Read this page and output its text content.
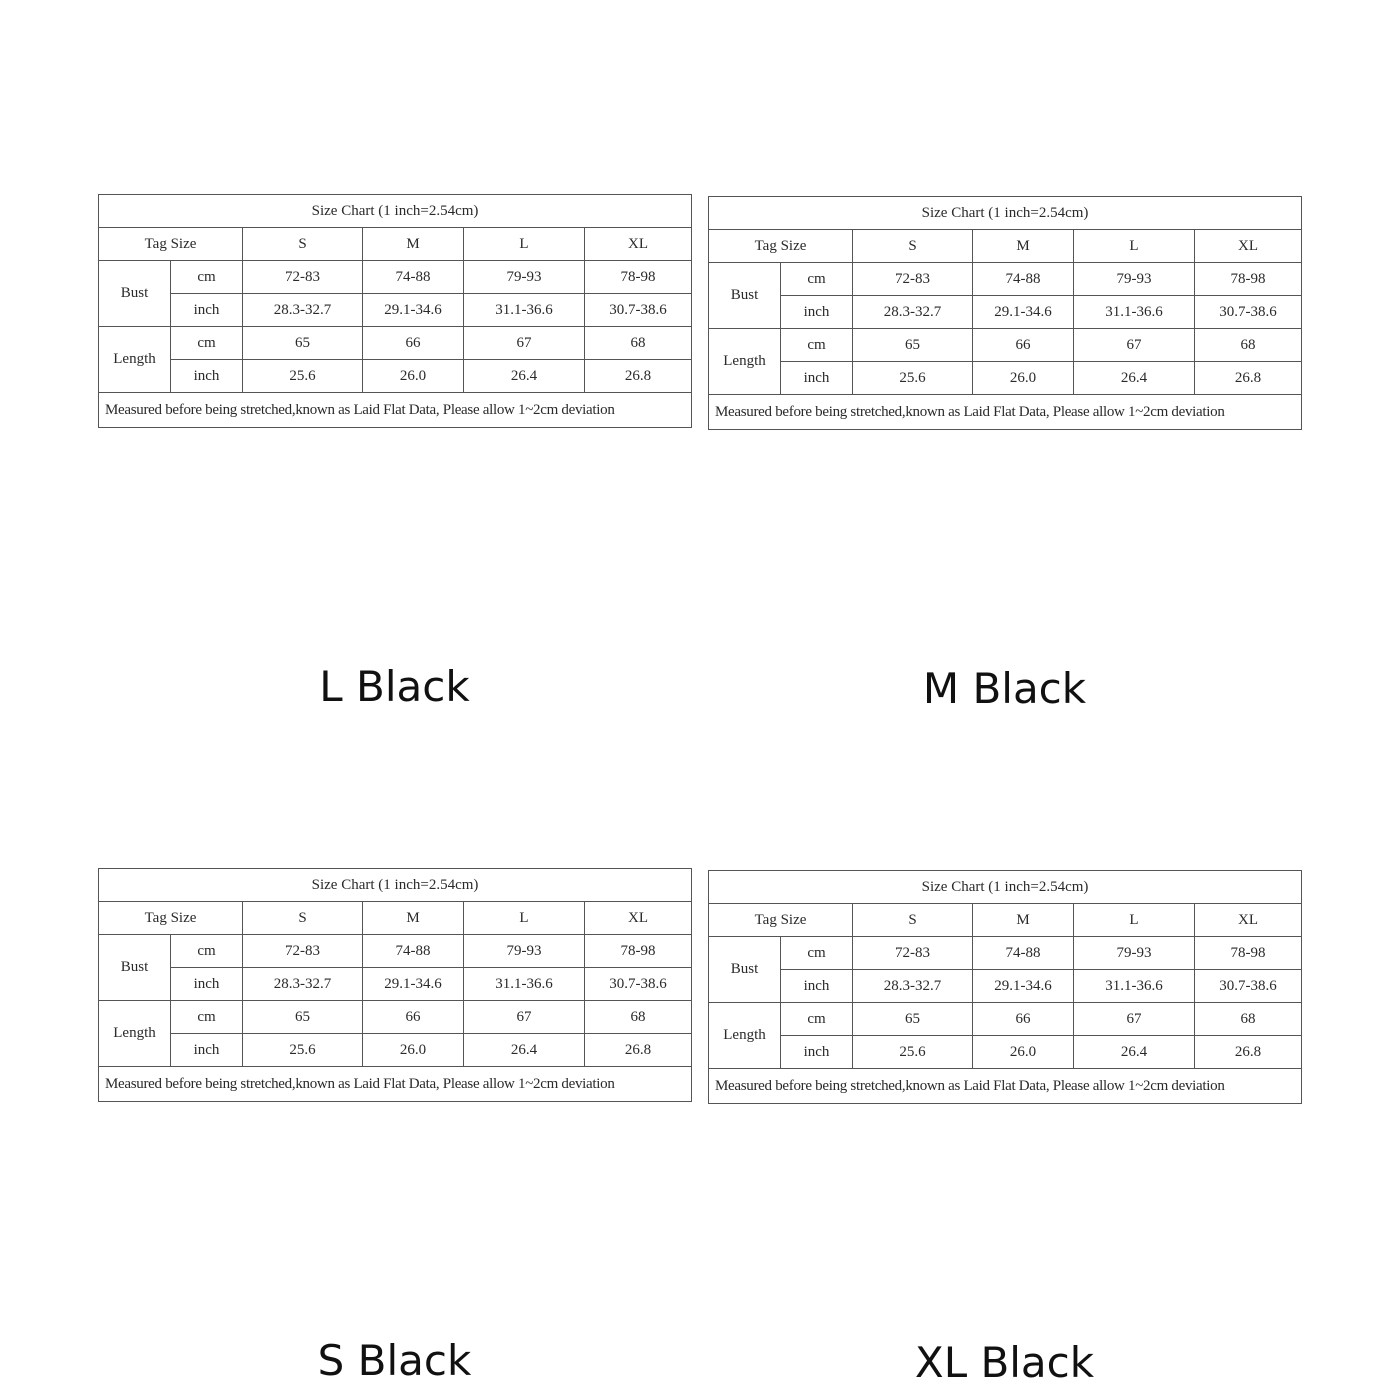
Size Chart (1 inch=2.54cm)					
Tag Size		S	M	L	XL
Bust	cm	72-83	74-88	79-93	78-98
	inch	28.3-32.7	29.1-34.6	31.1-36.6	30.7-38.6
Length	cm	65	66	67	68
	inch	25.6	26.0	26.4	26.8
Measured before being stretched,known as Laid Flat Data, Please allow 1~2cm deviation					
Size Chart (1 inch=2.54cm)					
Tag Size		S	M	L	XL
Bust	cm	72-83	74-88	79-93	78-98
	inch	28.3-32.7	29.1-34.6	31.1-36.6	30.7-38.6
Length	cm	65	66	67	68
	inch	25.6	26.0	26.4	26.8
Measured before being stretched,known as Laid Flat Data, Please allow 1~2cm deviation					
Size Chart (1 inch=2.54cm)					
Tag Size		S	M	L	XL
Bust	cm	72-83	74-88	79-93	78-98
	inch	28.3-32.7	29.1-34.6	31.1-36.6	30.7-38.6
Length	cm	65	66	67	68
	inch	25.6	26.0	26.4	26.8
Measured before being stretched,known as Laid Flat Data, Please allow 1~2cm deviation					
Size Chart (1 inch=2.54cm)					
Tag Size		S	M	L	XL
Bust	cm	72-83	74-88	79-93	78-98
	inch	28.3-32.7	29.1-34.6	31.1-36.6	30.7-38.6
Length	cm	65	66	67	68
	inch	25.6	26.0	26.4	26.8
Measured before being stretched,known as Laid Flat Data, Please allow 1~2cm deviation					
L Black	M Black
S Black	XL Black
